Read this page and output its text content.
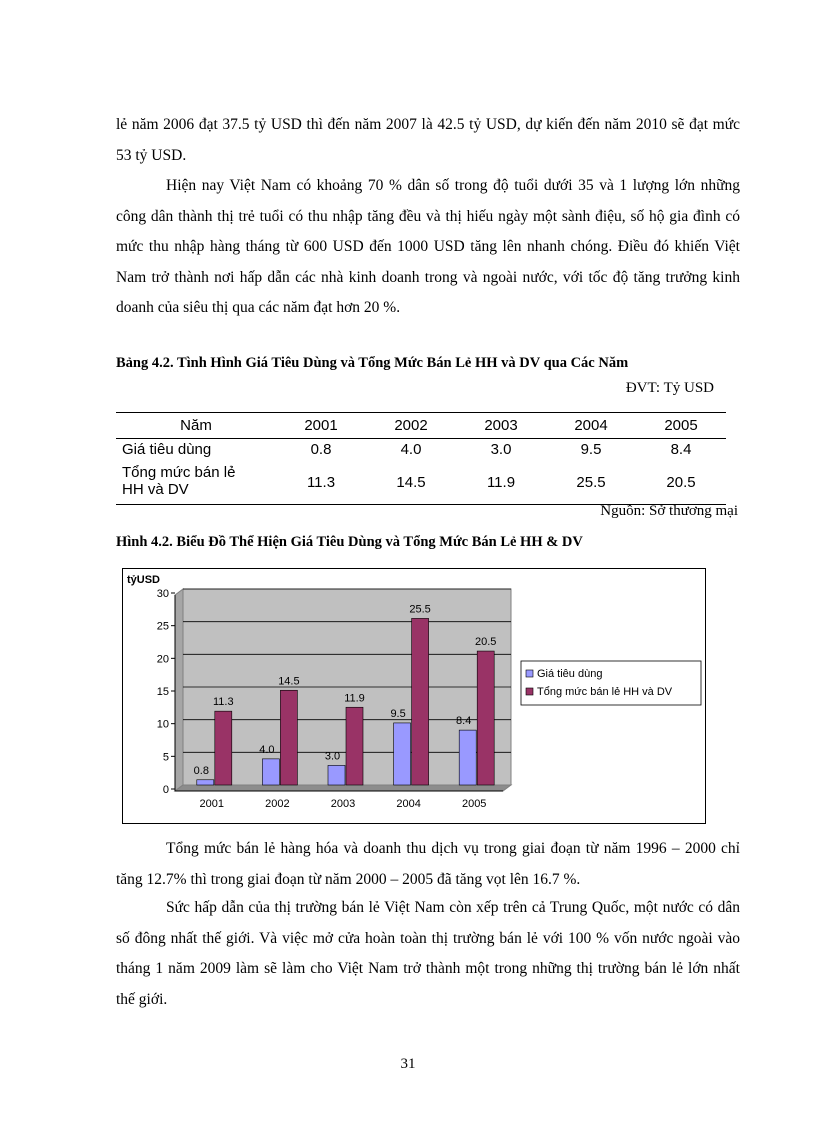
lẻ năm 2006 đạt 37.5 tỷ USD thì đến năm 2007 là 42.5 tỷ USD, dự kiến đến năm 2010 sẽ đạt mức 53 tỷ USD.

Hiện nay Việt Nam có khoảng 70 % dân số trong độ tuổi dưới 35 và 1 lượng lớn những công dân thành thị trẻ tuổi có thu nhập tăng đều và thị hiếu ngày một sành điệu, số hộ gia đình có mức thu nhập hàng tháng từ 600 USD đến 1000 USD tăng lên nhanh chóng. Điều đó khiến Việt Nam trở thành nơi hấp dẫn các nhà kinh doanh trong và ngoài nước, với tốc độ tăng trưởng kinh doanh của siêu thị qua các năm đạt hơn 20 %.

Bảng 4.2. Tình Hình Giá Tiêu Dùng và Tổng Mức Bán Lẻ HH và DV qua Các Năm

ĐVT: Tỷ USD
Năm	2001	2002	2003	2004	2005
Giá tiêu dùng	0.8	4.0	3.0	9.5	8.4
Tổng mức bán lẻ
HH và DV	11.3	14.5	11.9	25.5	20.5
Nguồn: Sở thương mại

Hình 4.2. Biểu Đồ Thể Hiện Giá Tiêu Dùng và Tổng Mức Bán Lẻ HH & DV

0
5
10
15
20
25
30
tỷUSD
0.8
11.3
2001
4.0
14.5
2002
3.0
11.9
2003
9.5
25.5
2004
8.4
20.5
2005
Giá tiêu dùng
Tổng mức bán lẻ HH và DV

Tổng mức bán lẻ hàng hóa và doanh thu dịch vụ trong giai đoạn từ năm 1996 – 2000 chỉ tăng 12.7% thì trong giai đoạn từ năm 2000 – 2005 đã tăng vọt lên 16.7 %.

Sức hấp dẫn của thị trường bán lẻ Việt Nam còn xếp trên cả Trung Quốc, một nước có dân số đông nhất thế giới. Và việc mở cửa hoàn toàn thị trường bán lẻ với 100 % vốn nước ngoài vào tháng 1 năm 2009 làm sẽ làm cho Việt Nam trở thành một trong những thị trường bán lẻ lớn nhất thế giới.

31
